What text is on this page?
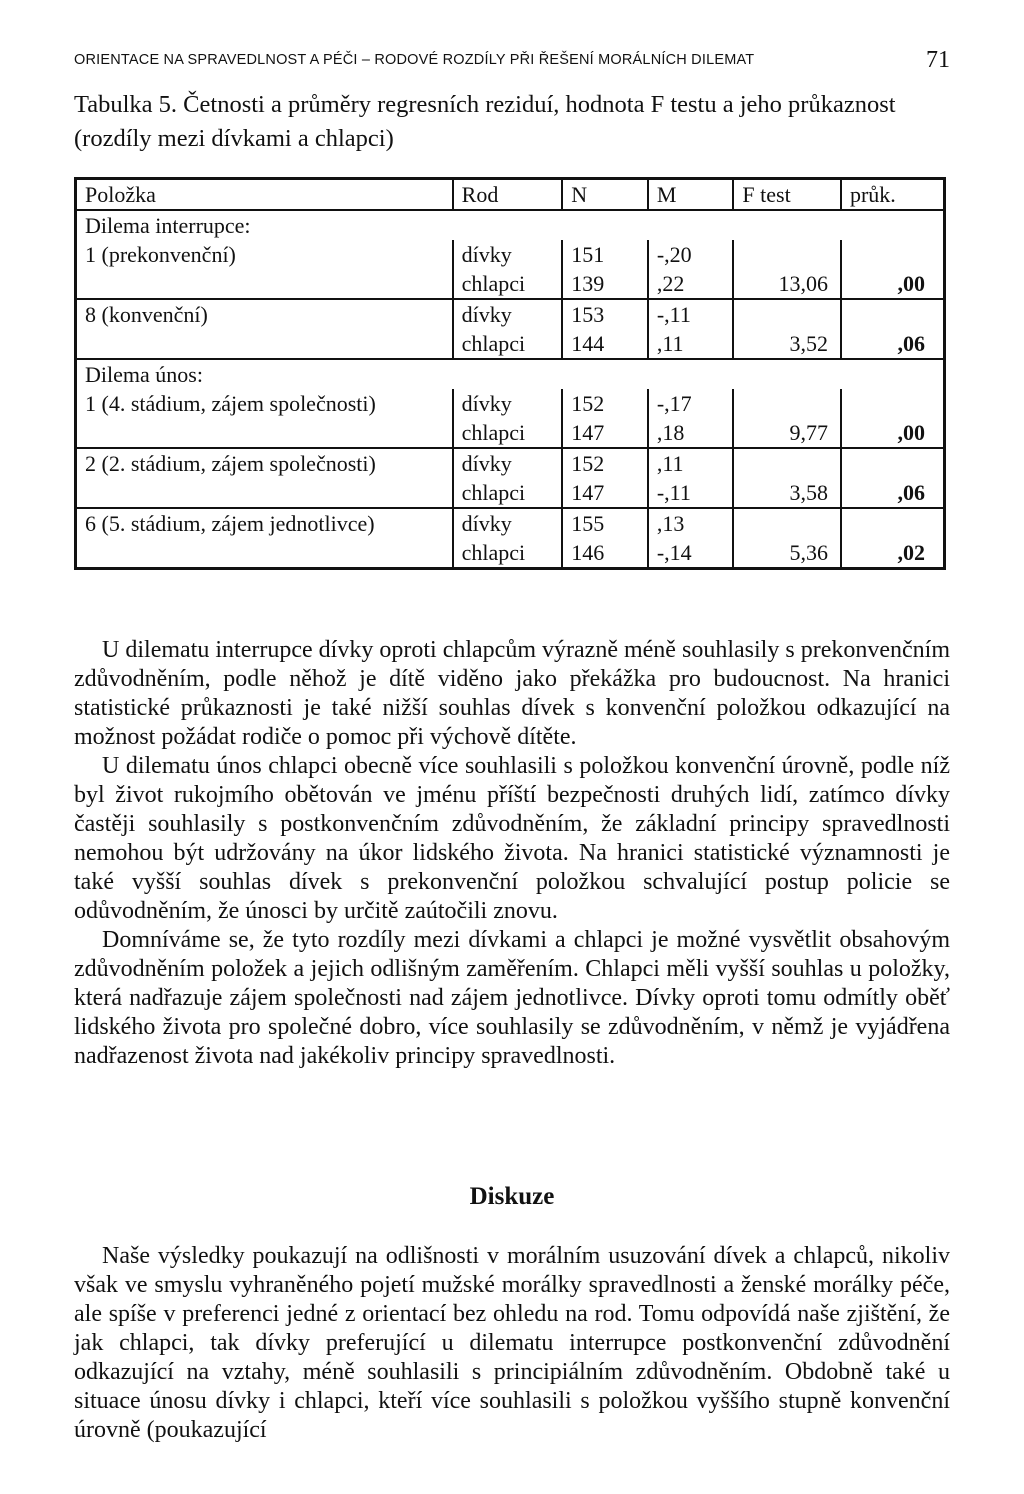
ORIENTACE NA SPRAVEDLNOST A PÉČI – RODOVÉ ROZDÍLY PŘI ŘEŠENÍ MORÁLNÍCH DILEMAT	71
Tabulka 5. Četnosti a průměry regresních reziduí, hodnota F testu a jeho průkaznost (rozdíly mezi dívkami a chlapci)
Položka	Rod	N	M	F test	průk.
Dilema interrupce:					
1 (prekonvenční)	dívky	151	-,20		
	chlapci	139	,22	13,06	,00
8 (konvenční)	dívky	153	-,11		
	chlapci	144	,11	3,52	,06
Dilema únos:					
1 (4. stádium, zájem společnosti)	dívky	152	-,17		
	chlapci	147	,18	9,77	,00
2 (2. stádium, zájem společnosti)	dívky	152	,11		
	chlapci	147	-,11	3,58	,06
6 (5. stádium, zájem jednotlivce)	dívky	155	,13		
	chlapci	146	-,14	5,36	,02

U dilematu interrupce dívky oproti chlapcům výrazně méně souhlasily s prekonvenčním zdůvodněním, podle něhož je dítě viděno jako překážka pro budoucnost. Na hranici statistické průkaznosti je také nižší souhlas dívek s konvenční položkou odkazující na možnost požádat rodiče o pomoc při výchově dítěte.

U dilematu únos chlapci obecně více souhlasili s položkou konvenční úrovně, podle níž byl život rukojmího obětován ve jménu příští bezpečnosti druhých lidí, zatímco dívky častěji souhlasily s postkonvenčním zdůvodněním, že základní principy spravedlnosti nemohou být udržovány na úkor lidského života. Na hranici statistické významnosti je také vyšší souhlas dívek s prekonvenční položkou schvalující postup policie se odůvodněním, že únosci by určitě zaútočili znovu.

Domníváme se, že tyto rozdíly mezi dívkami a chlapci je možné vysvětlit obsahovým zdůvodněním položek a jejich odlišným zaměřením. Chlapci měli vyšší souhlas u položky, která nadřazuje zájem společnosti nad zájem jednotlivce. Dívky oproti tomu odmítly oběť lidského života pro společné dobro, více souhlasily se zdůvodněním, v němž je vyjádřena nadřazenost života nad jakékoliv principy spravedlnosti.

Diskuze

Naše výsledky poukazují na odlišnosti v morálním usuzování dívek a chlapců, nikoliv však ve smyslu vyhraněného pojetí mužské morálky spravedlnosti a ženské morálky péče, ale spíše v preferenci jedné z orientací bez ohledu na rod. Tomu odpovídá naše zjištění, že jak chlapci, tak dívky preferující u dilematu interrupce postkonvenční zdůvodnění odkazující na vztahy, méně souhlasili s principiálním zdůvodněním. Obdobně také u situace únosu dívky i chlapci, kteří více souhlasili s položkou vyššího stupně konvenční úrovně (poukazující
